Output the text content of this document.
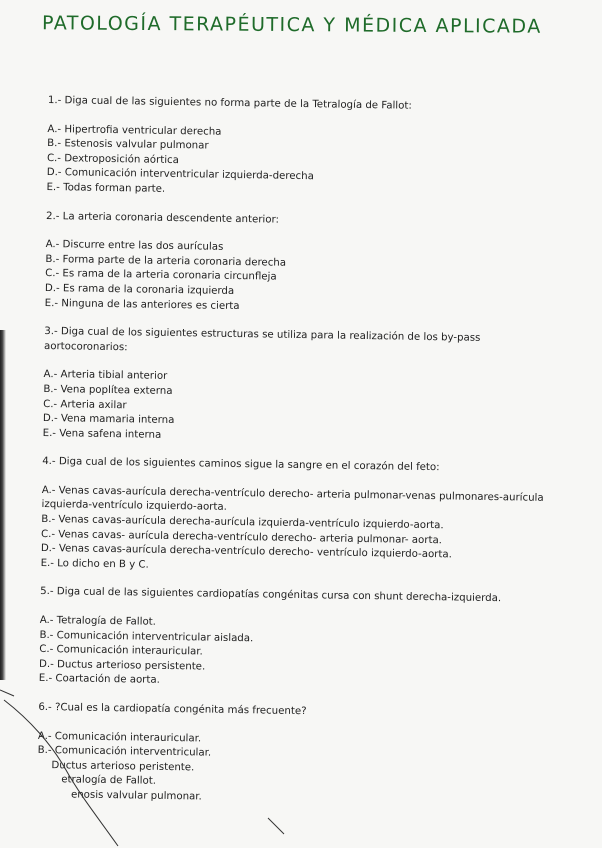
PATOLOGÍA TERAPÉUTICA Y MÉDICA APLICADA
1.- Diga cual de las siguientes no forma parte de la Tetralogía de Fallot:
A.- Hipertrofia ventricular derecha
B.- Estenosis valvular pulmonar
C.- Dextroposición aórtica
D.- Comunicación interventricular izquierda-derecha
E.- Todas forman parte.
2.- La arteria coronaria descendente anterior:
A.- Discurre entre las dos aurículas
B.- Forma parte de la arteria coronaria derecha
C.- Es rama de la arteria coronaria circunfleja
D.- Es rama de la coronaria izquierda
E.- Ninguna de las anteriores es cierta
3.- Diga cual de los siguientes estructuras se utiliza para la realización de los by-pass aortocoronarios:
A.- Arteria tibial anterior
B.- Vena poplítea externa
C.- Arteria axilar
D.- Vena mamaria interna
E.- Vena safena interna
4.- Diga cual de los siguientes caminos sigue la sangre en el corazón del feto:
A.- Venas cavas-aurícula derecha-ventrículo derecho- arteria pulmonar-venas pulmonares-aurícula izquierda-ventrículo izquierdo-aorta.
B.- Venas cavas-aurícula derecha-aurícula izquierda-ventrículo izquierdo-aorta.
C.- Venas cavas- aurícula derecha-ventrículo derecho- arteria pulmonar- aorta.
D.- Venas cavas-aurícula derecha-ventrículo derecho- ventrículo izquierdo-aorta.
E.- Lo dicho en B y C.
5.- Diga cual de las siguientes cardiopatías congénitas cursa con shunt derecha-izquierda.
A.- Tetralogía de Fallot.
B.- Comunicación interventricular aislada.
C.- Comunicación interauricular.
D.- Ductus arterioso persistente.
E.- Coartación de aorta.
6.- ?Cual es la cardiopatía congénita más frecuente?
A.- Comunicación interauricular.
B.- Comunicación interventricular.
Ductus arterioso peristente.
etralogía de Fallot.
enosis valvular pulmonar.
